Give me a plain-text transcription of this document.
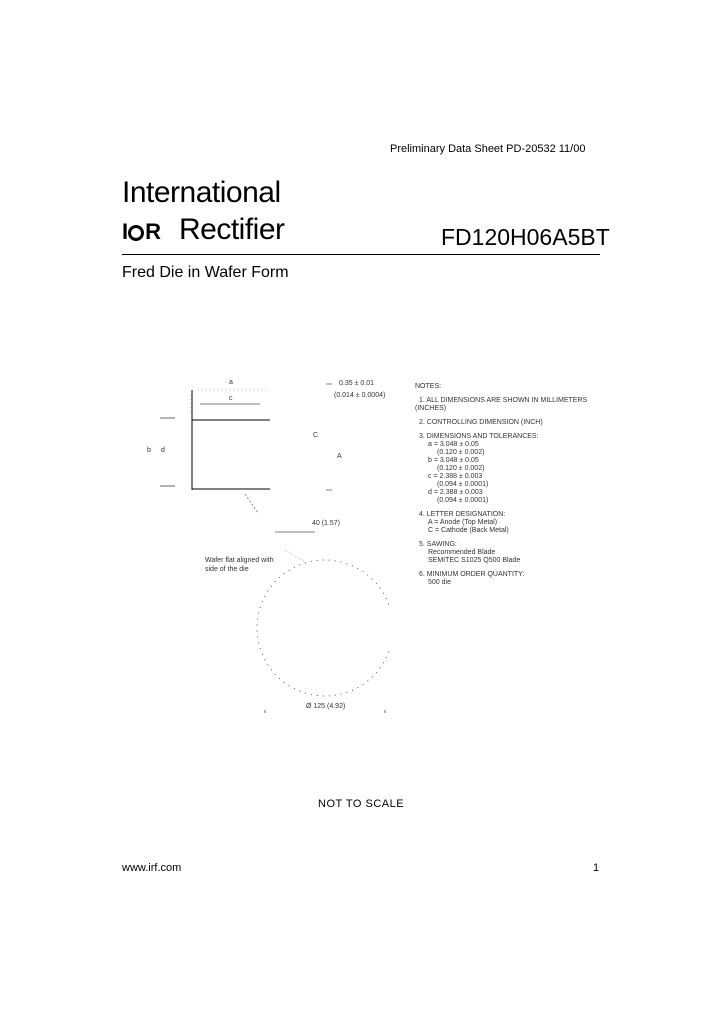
Preliminary Data Sheet PD-20532 11/00
International
I R Rectifier	FD120H06A5BT
Fred Die in Wafer Form
a
c
b d
0.35 ± 0.01
(0.014 ± 0.0004)
C
A
40 (1.57)
Wafer flat aligned with
side of the die
Ø 125 (4.92)
NOTES:
1. ALL DIMENSIONS ARE SHOWN IN MILLIMETERS
(INCHES)
2. CONTROLLING DIMENSION (INCH)
3. DIMENSIONS AND TOLERANCES:
a = 3.048 ± 0.05
(0.120 ± 0.002)
b = 3.048 ± 0.05
(0.120 ± 0.002)
c = 2.388 ± 0.003
(0.094 ± 0.0001)
d = 2.388 ± 0.003
(0.094 ± 0.0001)
4. LETTER DESIGNATION:
A = Anode (Top Metal)
C = Cathode (Back Metal)
5. SAWING:
Recommended Blade
SEMITEC S1025 Q500 Blade
6. MINIMUM ORDER QUANTITY:
500 die
NOT TO SCALE
www.irf.com	1
